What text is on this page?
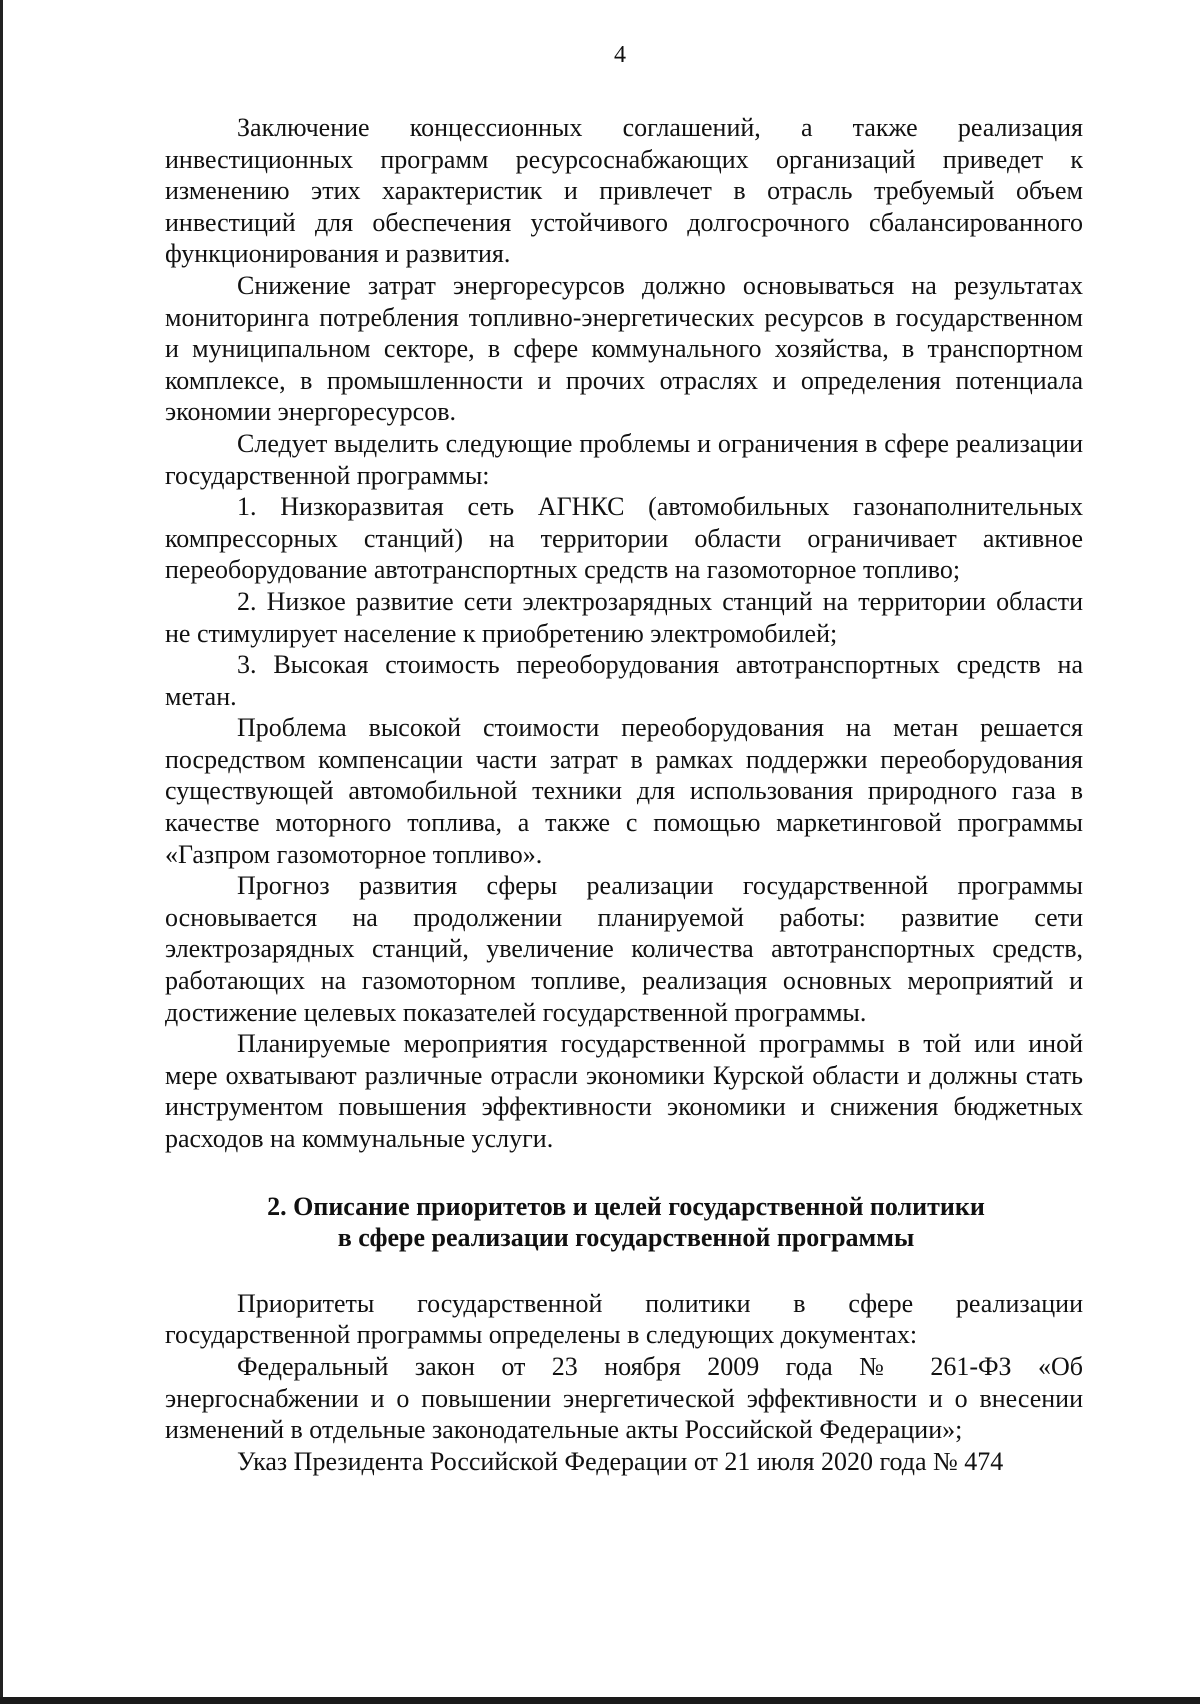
4

Заключение концессионных соглашений, а также реализация инвестиционных программ ресурсоснабжающих организаций приведет к изменению этих характеристик и привлечет в отрасль требуемый объем инвестиций для обеспечения устойчивого долгосрочного сбалансированного функционирования и развития.

Снижение затрат энергоресурсов должно основываться на результатах мониторинга потребления топливно-энергетических ресурсов в государственном и муниципальном секторе, в сфере коммунального хозяйства, в транспортном комплексе, в промышленности и прочих отраслях и определения потенциала экономии энергоресурсов.

Следует выделить следующие проблемы и ограничения в сфере реализации государственной программы:

1. Низкоразвитая сеть АГНКС (автомобильных газонаполнительных компрессорных станций) на территории области ограничивает активное переоборудование автотранспортных средств на газомоторное топливо;

2. Низкое развитие сети электрозарядных станций на территории области не стимулирует население к приобретению электромобилей;

3. Высокая стоимость переоборудования автотранспортных средств на метан.

Проблема высокой стоимости переоборудования на метан решается посредством компенсации части затрат в рамках поддержки переоборудования существующей автомобильной техники для использования природного газа в качестве моторного топлива, а также с помощью маркетинговой программы «Газпром газомоторное топливо».

Прогноз развития сферы реализации государственной программы основывается на продолжении планируемой работы: развитие сети электрозарядных станций, увеличение количества автотранспортных средств, работающих на газомоторном топливе, реализация основных мероприятий и достижение целевых показателей государственной программы.

Планируемые мероприятия государственной программы в той или иной мере охватывают различные отрасли экономики Курской области и должны стать инструментом повышения эффективности экономики и снижения бюджетных расходов на коммунальные услуги.

2. Описание приоритетов и целей государственной политики
в сфере реализации государственной программы

Приоритеты государственной политики в сфере реализации государственной программы определены в следующих документах:

Федеральный закон от 23 ноября 2009 года № 261-ФЗ «Об энергоснабжении и о повышении энергетической эффективности и о внесении изменений в отдельные законодательные акты Российской Федерации»;

Указ Президента Российской Федерации от 21 июля 2020 года № 474
